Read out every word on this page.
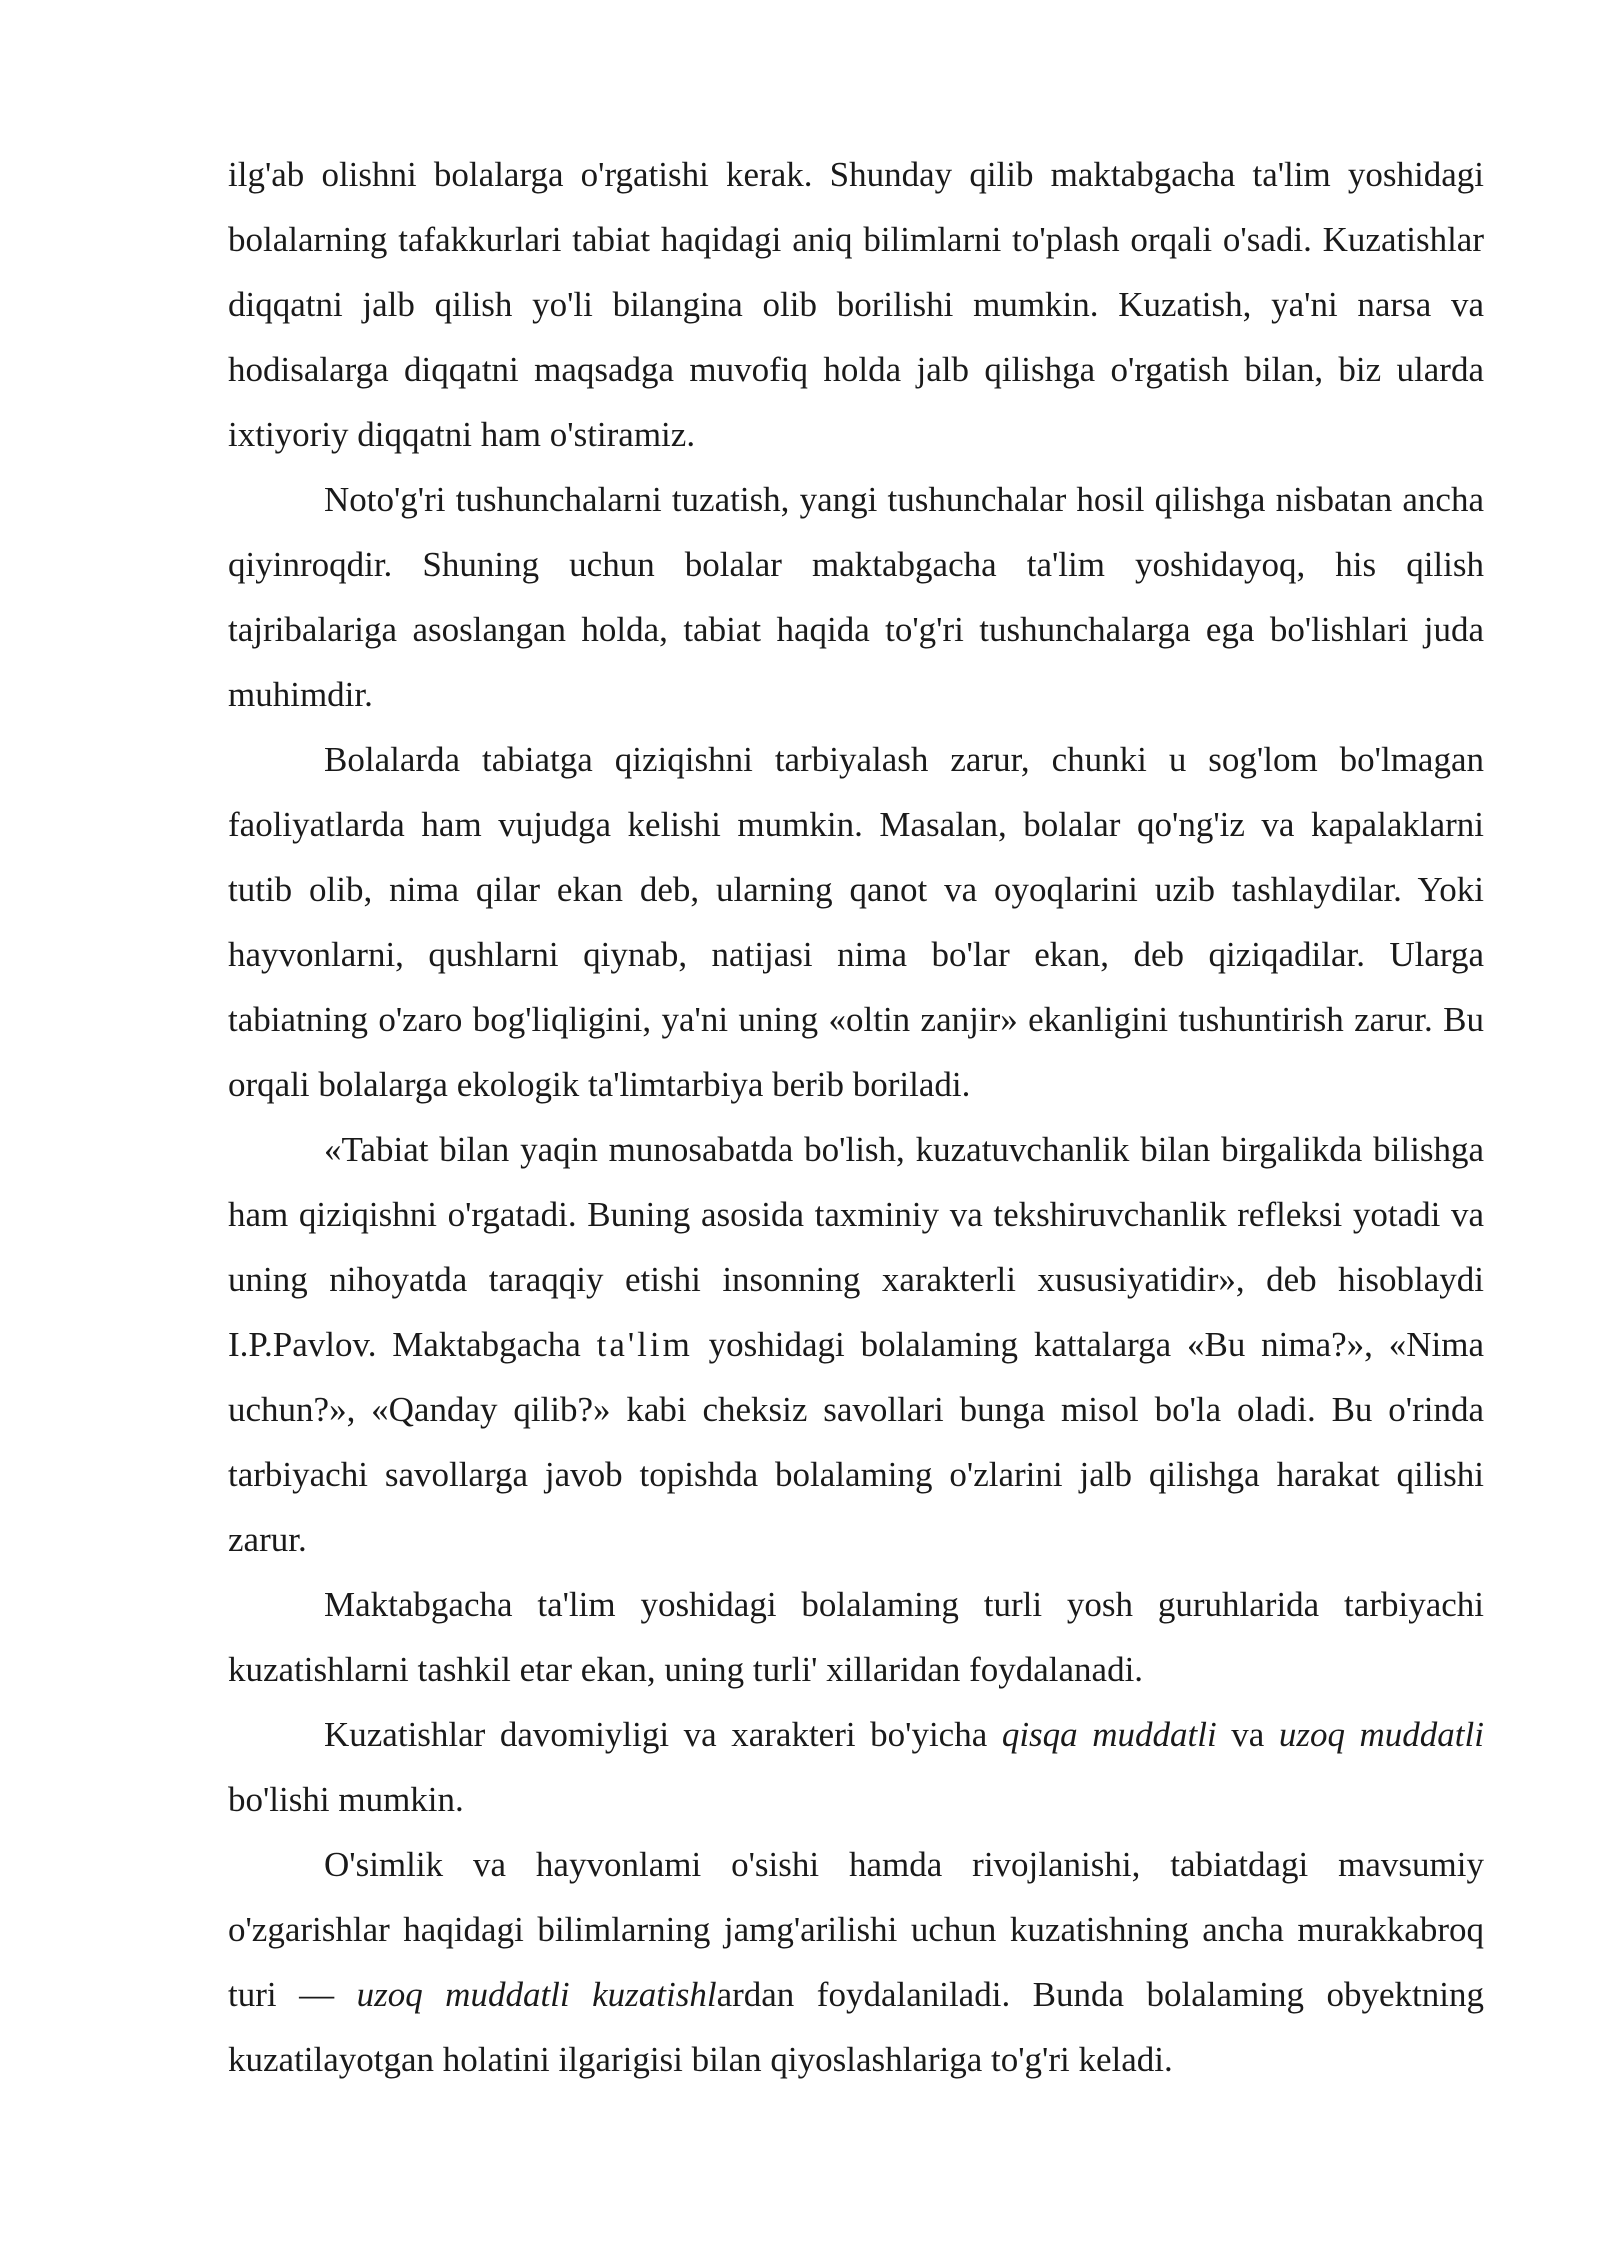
ilg'ab olishni bolalarga o'rgatishi kerak. Shunday qilib maktabgacha ta'lim yoshidagi bolalarning tafakkurlari tabiat haqidagi aniq bilimlarni to'plash orqali o'sadi. Kuzatishlar diqqatni jalb qilish yo'li bilangina olib borilishi mumkin. Kuzatish, ya'ni narsa va hodisalarga diqqatni maqsadga muvofiq holda jalb qilishga o'rgatish bilan, biz ularda ixtiyoriy diqqatni ham o'stiramiz.

Noto'g'ri tushunchalarni tuzatish, yangi tushunchalar hosil qilishga nisbatan ancha qiyinroqdir. Shuning uchun bolalar maktabgacha ta'lim yoshidayoq, his qilish tajribalariga asoslangan holda, tabiat haqida to'g'ri tushunchalarga ega bo'lishlari juda muhimdir.

Bolalarda tabiatga qiziqishni tarbiyalash zarur, chunki u sog'lom bo'lmagan faoliyatlarda ham vujudga kelishi mumkin. Masalan, bolalar qo'ng'iz va kapalaklarni tutib olib, nima qilar ekan deb, ularning qanot va oyoqlarini uzib tashlaydilar. Yoki hayvonlarni, qushlarni qiynab, natijasi nima bo'lar ekan, deb qiziqadilar. Ularga tabiatning o'zaro bog'liqligini, ya'ni uning «oltin zanjir» ekanligini tushuntirish zarur. Bu orqali bolalarga ekologik ta'limtarbiya berib boriladi.

«Tabiat bilan yaqin munosabatda bo'lish, kuzatuvchanlik bilan birgalikda bilishga ham qiziqishni o'rgatadi. Buning asosida taxminiy va tekshiruvchanlik refleksi yotadi va uning nihoyatda taraqqiy etishi insonning xarakterli xususiyatidir», deb hisoblaydi I.P.Pavlov. Maktabgacha ta'lim yoshidagi bolalaming kattalarga «Bu nima?», «Nima uchun?», «Qanday qilib?» kabi cheksiz savollari bunga misol bo'la oladi. Bu o'rinda tarbiyachi savollarga javob topishda bolalaming o'zlarini jalb qilishga harakat qilishi zarur.

Maktabgacha ta'lim yoshidagi bolalaming turli yosh guruhlarida tarbiyachi kuzatishlarni tashkil etar ekan, uning turli' xillaridan foydalanadi.

Kuzatishlar davomiyligi va xarakteri bo'yicha qisqa muddatli va uzoq muddatli bo'lishi mumkin.

O'simlik va hayvonlami o'sishi hamda rivojlanishi, tabiatdagi mavsumiy o'zgarishlar haqidagi bilimlarning jamg'arilishi uchun kuzatishning ancha murakkabroq turi — uzoq muddatli kuzatishlardan foydalaniladi. Bunda bolalaming obyektning kuzatilayotgan holatini ilgarigisi bilan qiyoslashlariga to'g'ri keladi.
